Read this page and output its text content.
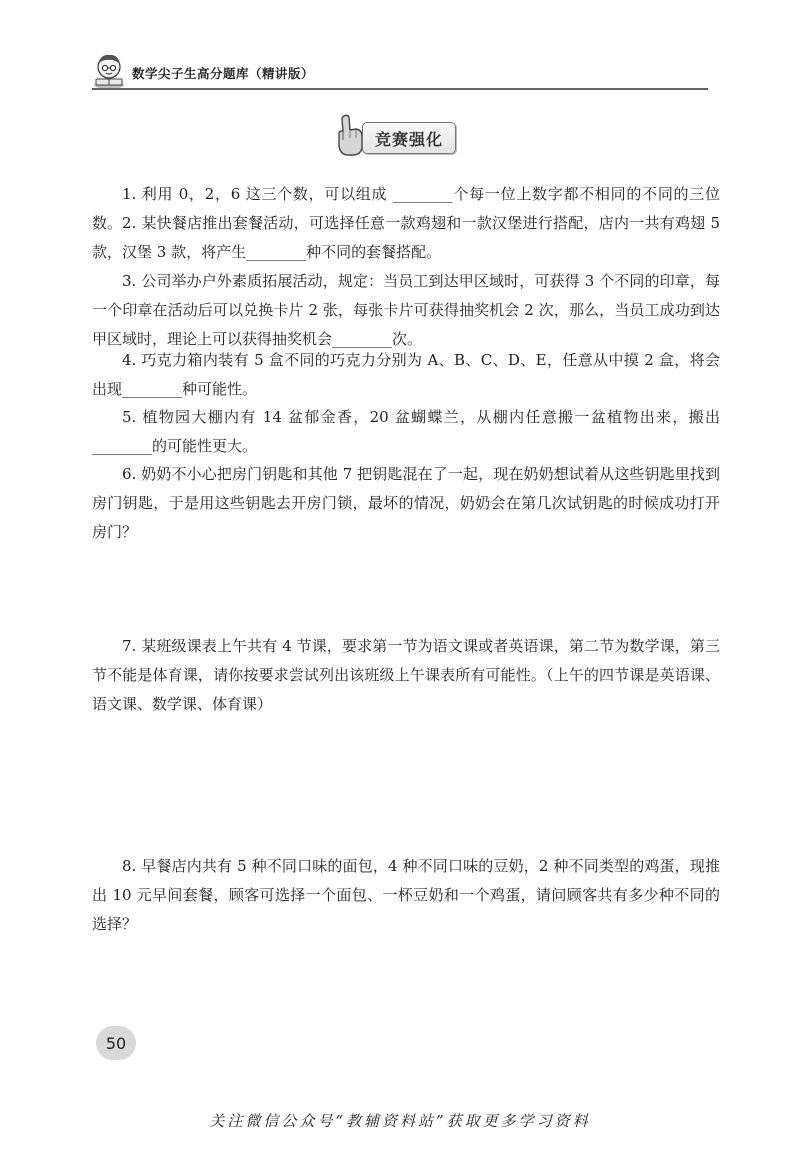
数学尖子生高分题库（精讲版）
竞赛强化
1. 利用 0，2，6 这三个数，可以组成 ________个每一位上数字都不相同的不同的三位数。 2. 某快餐店推出套餐活动，可选择任意一款鸡翅和一款汉堡进行搭配，店内一共有鸡翅 5 款，汉堡 3 款，将产生________种不同的套餐搭配。
3. 公司举办户外素质拓展活动，规定：当员工到达甲区域时，可获得 3 个不同的印章，每一个印章在活动后可以兑换卡片 2 张，每张卡片可获得抽奖机会 2 次，那么，当员工成功到达甲区域时，理论上可以获得抽奖机会________次。
4. 巧克力箱内装有 5 盒不同的巧克力分别为 A、B、C、D、E，任意从中摸 2 盒，将会出现________种可能性。
5. 植物园大棚内有 14 盆郁金香，20 盆蝴蝶兰，从棚内任意搬一盆植物出来，搬出________的可能性更大。
6. 奶奶不小心把房门钥匙和其他 7 把钥匙混在了一起，现在奶奶想试着从这些钥匙里找到房门钥匙，于是用这些钥匙去开房门锁，最坏的情况，奶奶会在第几次试钥匙的时候成功打开房门？
7. 某班级课表上午共有 4 节课，要求第一节为语文课或者英语课，第二节为数学课，第三节不能是体育课，请你按要求尝试列出该班级上午课表所有可能性。（上午的四节课是英语课、语文课、数学课、体育课）
8. 早餐店内共有 5 种不同口味的面包，4 种不同口味的豆奶，2 种不同类型的鸡蛋，现推出 10 元早间套餐，顾客可选择一个面包、一杯豆奶和一个鸡蛋，请问顾客共有多少种不同的选择？
50
关注微信公众号“教辅资料站”获取更多学习资料
